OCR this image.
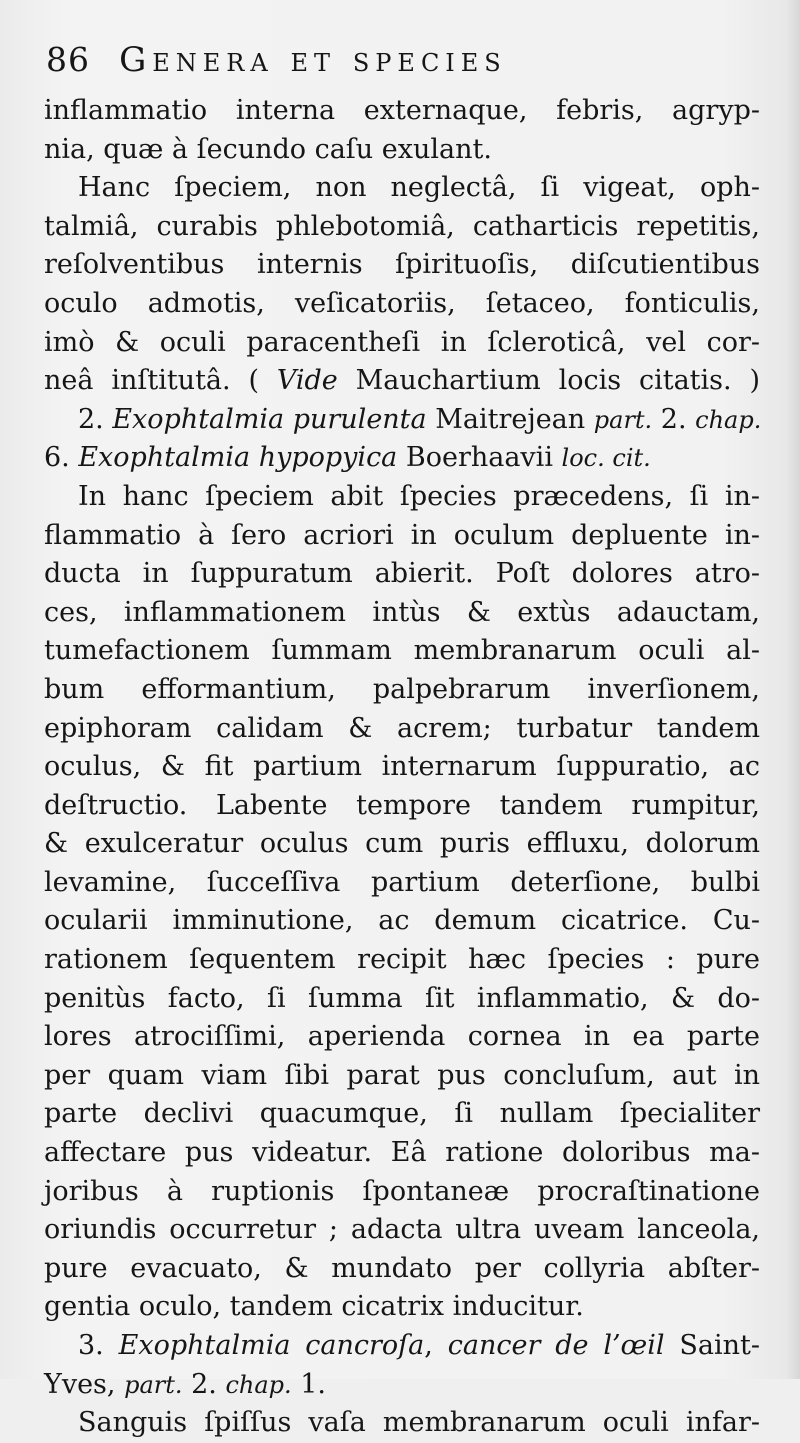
86 Genera et species
inflammatio interna externaque, febris, agryp-
nia, quæ à ſecundo caſu exulant.
Hanc ſpeciem, non neglectâ, ſi vigeat, oph-
talmiâ, curabis phlebotomiâ, catharticis repetitis,
reſolventibus internis ſpirituoſis, diſcutientibus
oculo admotis, veſicatoriis, ſetaceo, fonticulis,
imò & oculi paracentheſi in ſcleroticâ, vel cor-
neâ inſtitutâ. ( Vide Mauchartium locis citatis. )
2. Exophtalmia purulenta Maitrejean part. 2. chap.
6. Exophtalmia hypopyica Boerhaavii loc. cit.
In hanc ſpeciem abit ſpecies præcedens, ſi in-
flammatio à ſero acriori in oculum depluente in-
ducta in ſuppuratum abierit. Poſt dolores atro-
ces, inflammationem intùs & extùs adauctam,
tumefactionem ſummam membranarum oculi al-
bum efformantium, palpebrarum inverſionem,
epiphoram calidam & acrem; turbatur tandem
oculus, & fit partium internarum ſuppuratio, ac
deſtructio. Labente tempore tandem rumpitur,
& exulceratur oculus cum puris effluxu, dolorum
levamine, ſucceſſiva partium deterſione, bulbi
ocularii imminutione, ac demum cicatrice. Cu-
rationem ſequentem recipit hæc ſpecies : pure
penitùs facto, ſi ſumma ſit inflammatio, & do-
lores atrociſſimi, aperienda cornea in ea parte
per quam viam ſibi parat pus concluſum, aut in
parte declivi quacumque, ſi nullam ſpecialiter
affectare pus videatur. Eâ ratione doloribus ma-
joribus à ruptionis ſpontaneæ procraſtinatione
oriundis occurretur ; adacta ultra uveam lanceola,
pure evacuato, & mundato per collyria abſter-
gentia oculo, tandem cicatrix inducitur.
3. Exophtalmia cancroſa, cancer de l’œil Saint-
Yves, part. 2. chap. 1.
Sanguis ſpiſſus vaſa membranarum oculi infar-
